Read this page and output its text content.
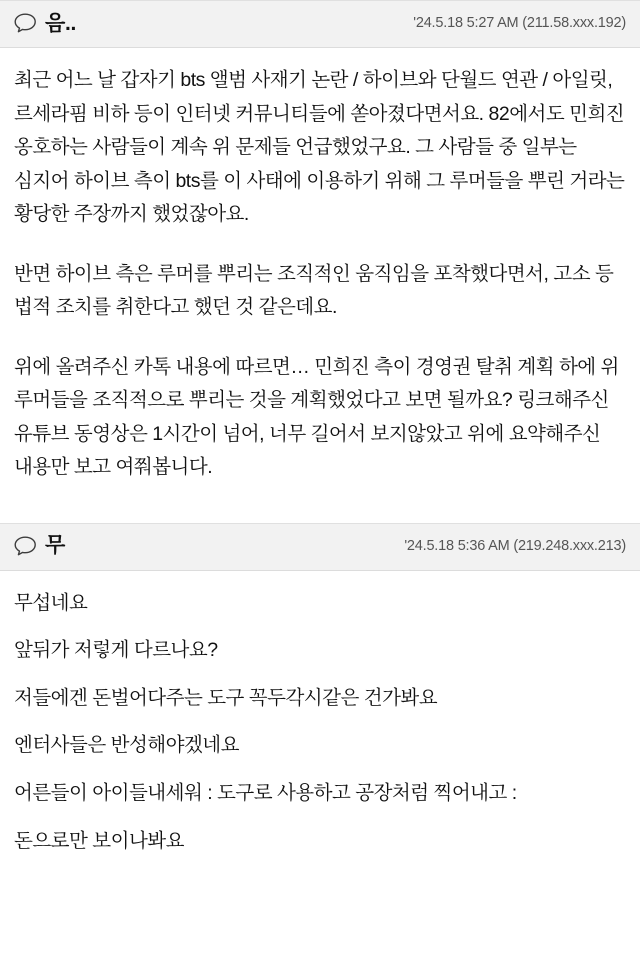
음..	'24.5.18 5:27 AM (211.58.xxx.192)

최근 어느 날 갑자기 bts 앨범 사재기 논란 / 하이브와 단월드 연관 / 아일릿, 르세라핌 비하 등이 인터넷 커뮤니티들에 쏟아졌다면서요. 82에서도 민희진 옹호하는 사람들이 계속 위 문제들 언급했었구요. 그 사람들 중 일부는 심지어 하이브 측이 bts를 이 사태에 이용하기 위해 그 루머들을 뿌린 거라는 황당한 주장까지 했었잖아요.

반면 하이브 측은 루머를 뿌리는 조직적인 움직임을 포착했다면서, 고소 등 법적 조치를 취한다고 했던 것 같은데요.

위에 올려주신 카톡 내용에 따르면… 민희진 측이 경영권 탈취 계획 하에 위 루머들을 조직적으로 뿌리는 것을 계획했었다고 보면 될까요? 링크해주신 유튜브 동영상은 1시간이 넘어, 너무 길어서 보지않았고 위에 요약해주신 내용만 보고 여쭤봅니다.

무	'24.5.18 5:36 AM (219.248.xxx.213)

무섭네요

앞뒤가 저렇게 다르나요?

저들에겐 돈벌어다주는 도구 꼭두각시같은 건가봐요

엔터사들은 반성해야겠네요

어른들이 아이들내세워 : 도구로 사용하고 공장처럼 찍어내고 :

돈으로만 보이나봐요
